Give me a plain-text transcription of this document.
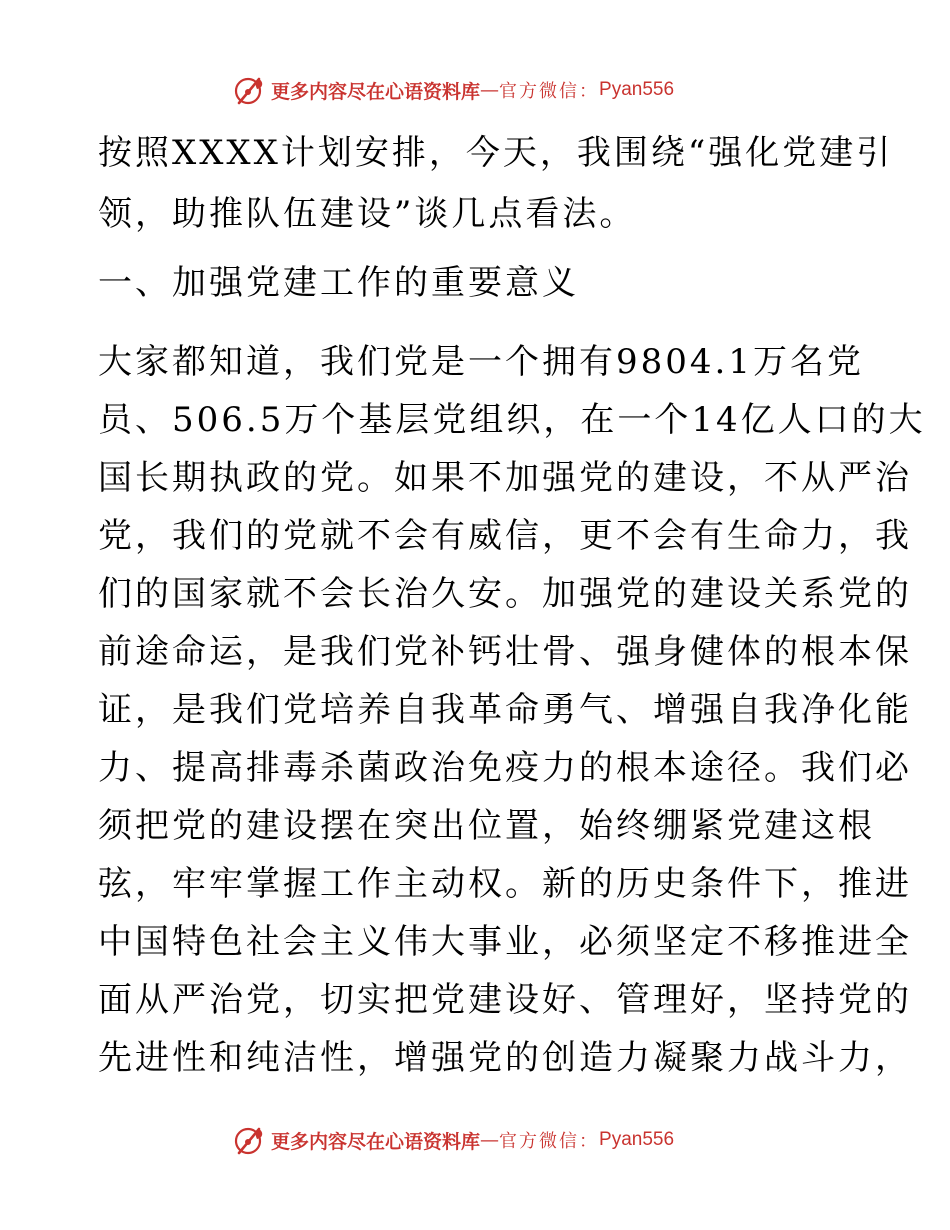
更多内容尽在心语资料库 — 官方微信： Pyan556
按照XXXX计划安排，今天，我围绕“强化党建引
领，助推队伍建设”谈几点看法。
一、加强党建工作的重要意义
大家都知道，我们党是一个拥有9804.1万名党
员、506.5万个基层党组织，在一个14亿人口的大
国长期执政的党。如果不加强党的建设，不从严治
党，我们的党就不会有威信，更不会有生命力，我
们的国家就不会长治久安。加强党的建设关系党的
前途命运，是我们党补钙壮骨、强身健体的根本保
证，是我们党培养自我革命勇气、增强自我净化能
力、提高排毒杀菌政治免疫力的根本途径。我们必
须把党的建设摆在突出位置，始终绷紧党建这根
弦，牢牢掌握工作主动权。新的历史条件下，推进
中国特色社会主义伟大事业，必须坚定不移推进全
面从严治党，切实把党建设好、管理好，坚持党的
先进性和纯洁性，增强党的创造力凝聚力战斗力，
更多内容尽在心语资料库 — 官方微信： Pyan556
